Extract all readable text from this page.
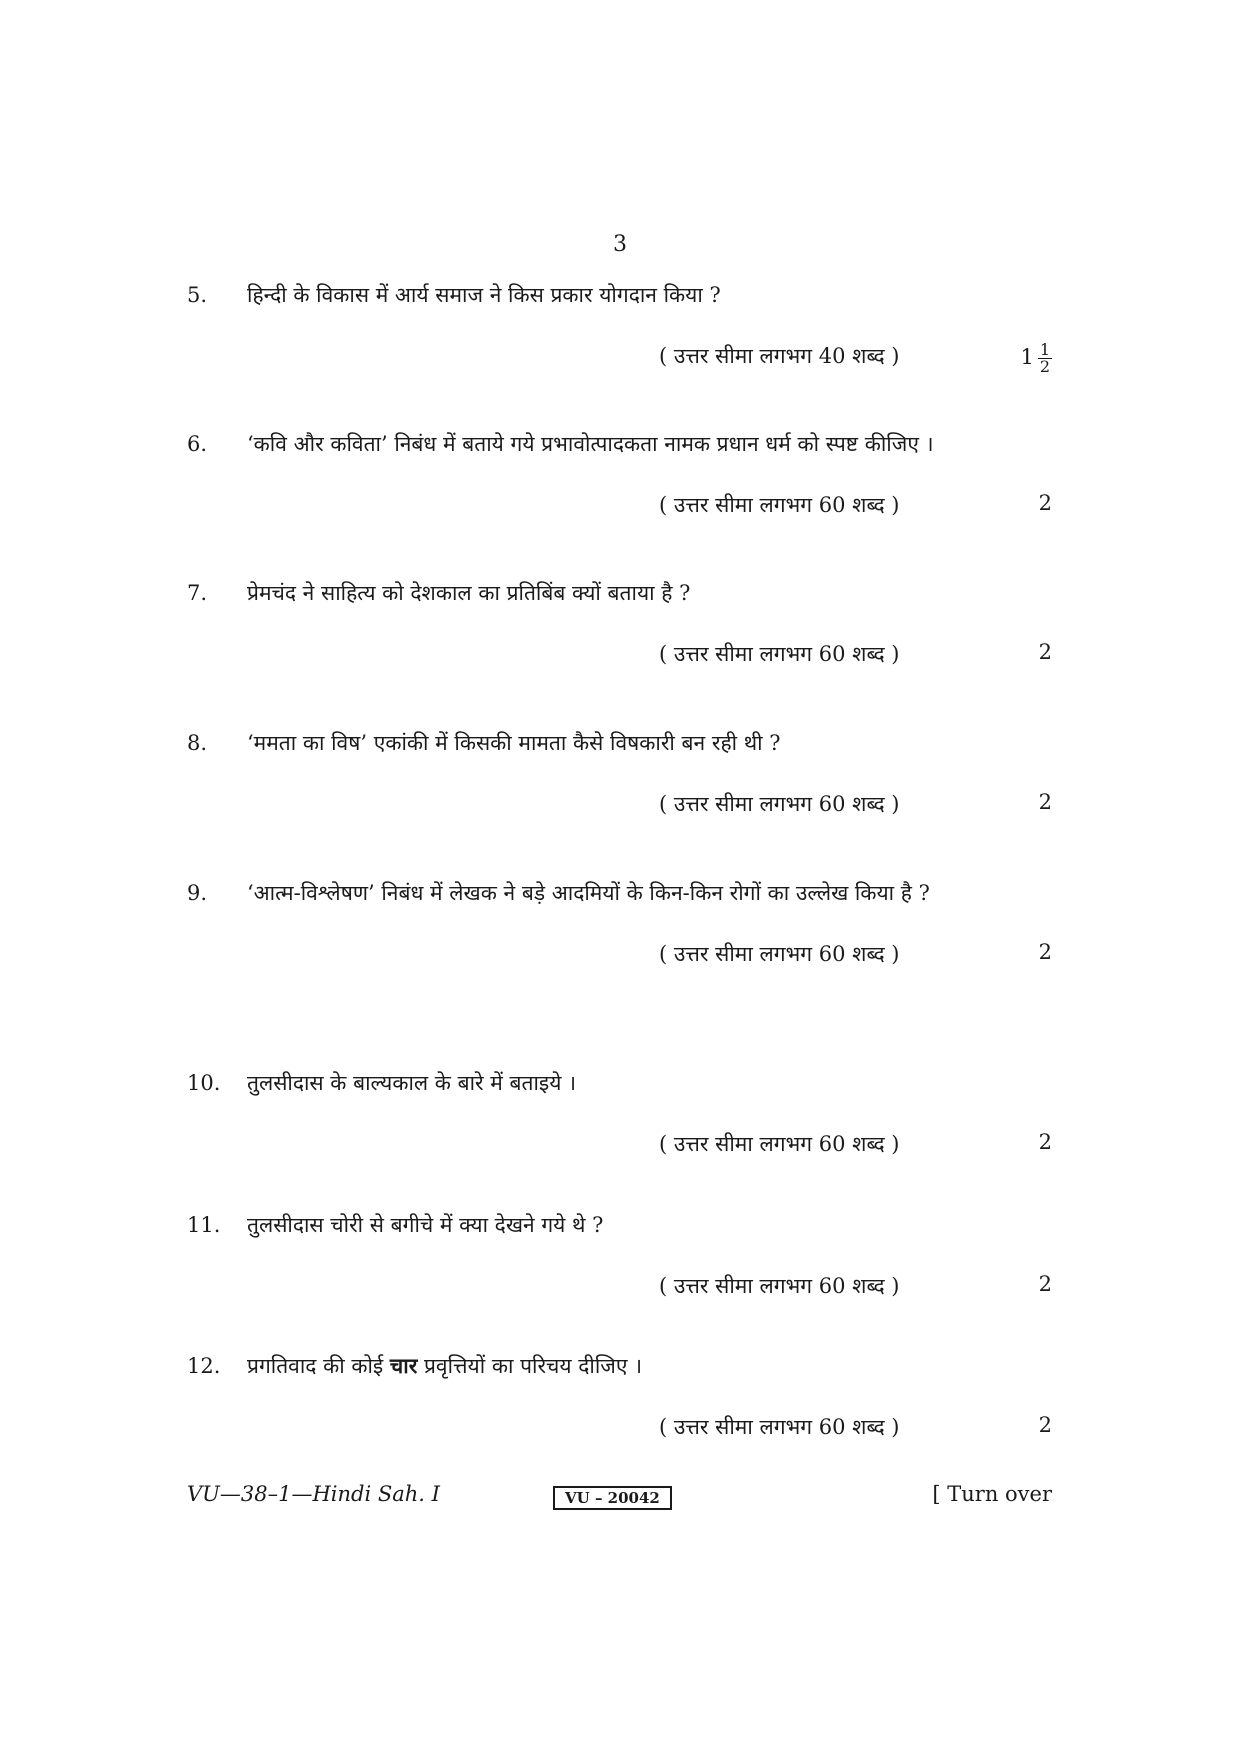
3
5. हिन्दी के विकास में आर्य समाज ने किस प्रकार योगदान किया ?
( उत्तर सीमा लगभग 40 शब्द )	$1 \frac{1}{2}$
6. ‘कवि और कविता’ निबंध में बताये गये प्रभावोत्पादकता नामक प्रधान धर्म को स्पष्ट कीजिए ।
( उत्तर सीमा लगभग 60 शब्द )	2
7. प्रेमचंद ने साहित्य को देशकाल का प्रतिबिंब क्यों बताया है ?
( उत्तर सीमा लगभग 60 शब्द )	2
8. ‘ममता का विष’ एकांकी में किसकी मामता कैसे विषकारी बन रही थी ?
( उत्तर सीमा लगभग 60 शब्द )	2
9. ‘आत्म-विश्लेषण’ निबंध में लेखक ने बड़े आदमियों के किन-किन रोगों का उल्लेख किया है ?
( उत्तर सीमा लगभग 60 शब्द )	2
10. तुलसीदास के बाल्यकाल के बारे में बताइये ।
( उत्तर सीमा लगभग 60 शब्द )	2
11. तुलसीदास चोरी से बगीचे में क्या देखने गये थे ?
( उत्तर सीमा लगभग 60 शब्द )	2
12. प्रगतिवाद की कोई चार प्रवृत्तियों का परिचय दीजिए ।
( उत्तर सीमा लगभग 60 शब्द )	2
VU—38–1—Hindi Sah. I	VU – 20042	[ Turn over
